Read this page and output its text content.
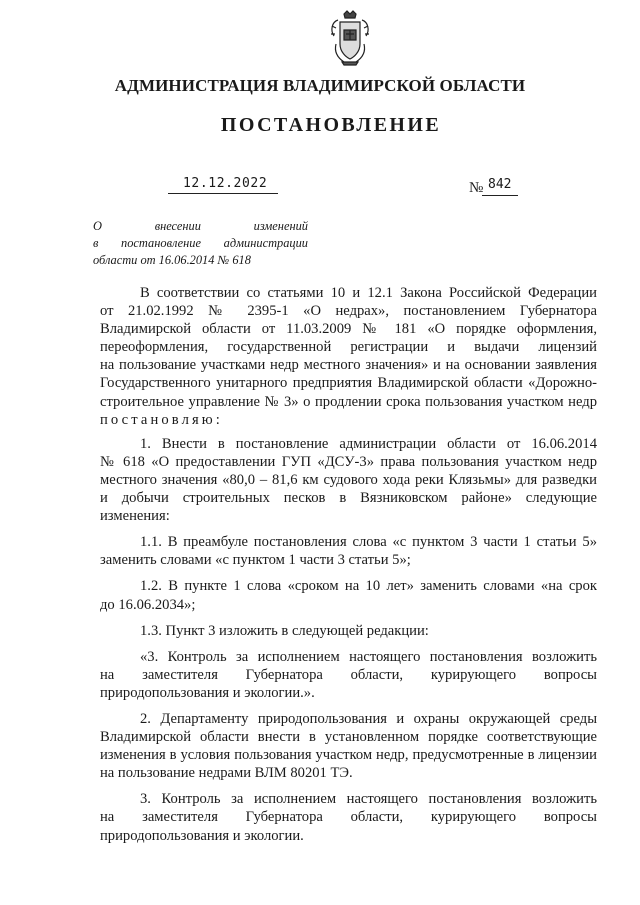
АДМИНИСТРАЦИЯ ВЛАДИМИРСКОЙ ОБЛАСТИ
ПОСТАНОВЛЕНИЕ
12.12.2022	№ 842
О внесении изменений
в постановление администрации
области от 16.06.2014 № 618
В соответствии со статьями 10 и 12.1 Закона Российской Федерации
от 21.02.1992 № 2395-1 «О недрах», постановлением Губернатора
Владимирской области от 11.03.2009 № 181 «О порядке оформления,
переоформления, государственной регистрации и выдачи лицензий
на пользование участками недр местного значения» и на основании заявления
Государственного унитарного предприятия Владимирской области «Дорожно-
строительное управление № 3» о продлении срока пользования участком недр
постановляю:
1. Внести в постановление администрации области от 16.06.2014
№ 618 «О предоставлении ГУП «ДСУ-3» права пользования участком недр
местного значения «80,0 – 81,6 км судового хода реки Клязьмы» для разведки
и добычи строительных песков в Вязниковском районе» следующие
изменения:
1.1. В преамбуле постановления слова «с пунктом 3 части 1 статьи 5»
заменить словами «с пунктом 1 части 3 статьи 5»;
1.2. В пункте 1 слова «сроком на 10 лет» заменить словами «на срок
до 16.06.2034»;
1.3. Пункт 3 изложить в следующей редакции:
«3. Контроль за исполнением настоящего постановления возложить
на заместителя Губернатора области, курирующего вопросы
природопользования и экологии.».
2. Департаменту природопользования и охраны окружающей среды
Владимирской области внести в установленном порядке соответствующие
изменения в условия пользования участком недр, предусмотренные в лицензии
на пользование недрами ВЛМ 80201 ТЭ.
3. Контроль за исполнением настоящего постановления возложить
на заместителя Губернатора области, курирующего вопросы
природопользования и экологии.
